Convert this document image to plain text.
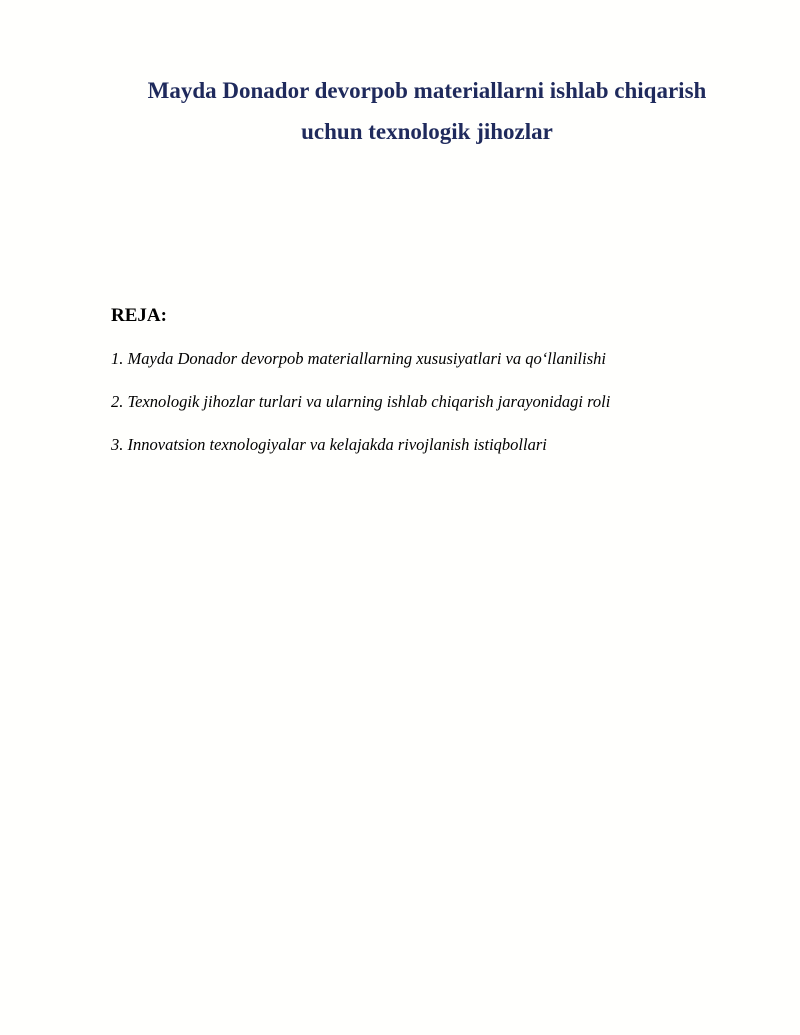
Mayda Donador devorpob materiallarni ishlab chiqarish
uchun texnologik jihozlar
REJA:
1. Mayda Donador devorpob materiallarning xususiyatlari va qo‘llanilishi
2. Texnologik jihozlar turlari va ularning ishlab chiqarish jarayonidagi roli
3. Innovatsion texnologiyalar va kelajakda rivojlanish istiqbollari
